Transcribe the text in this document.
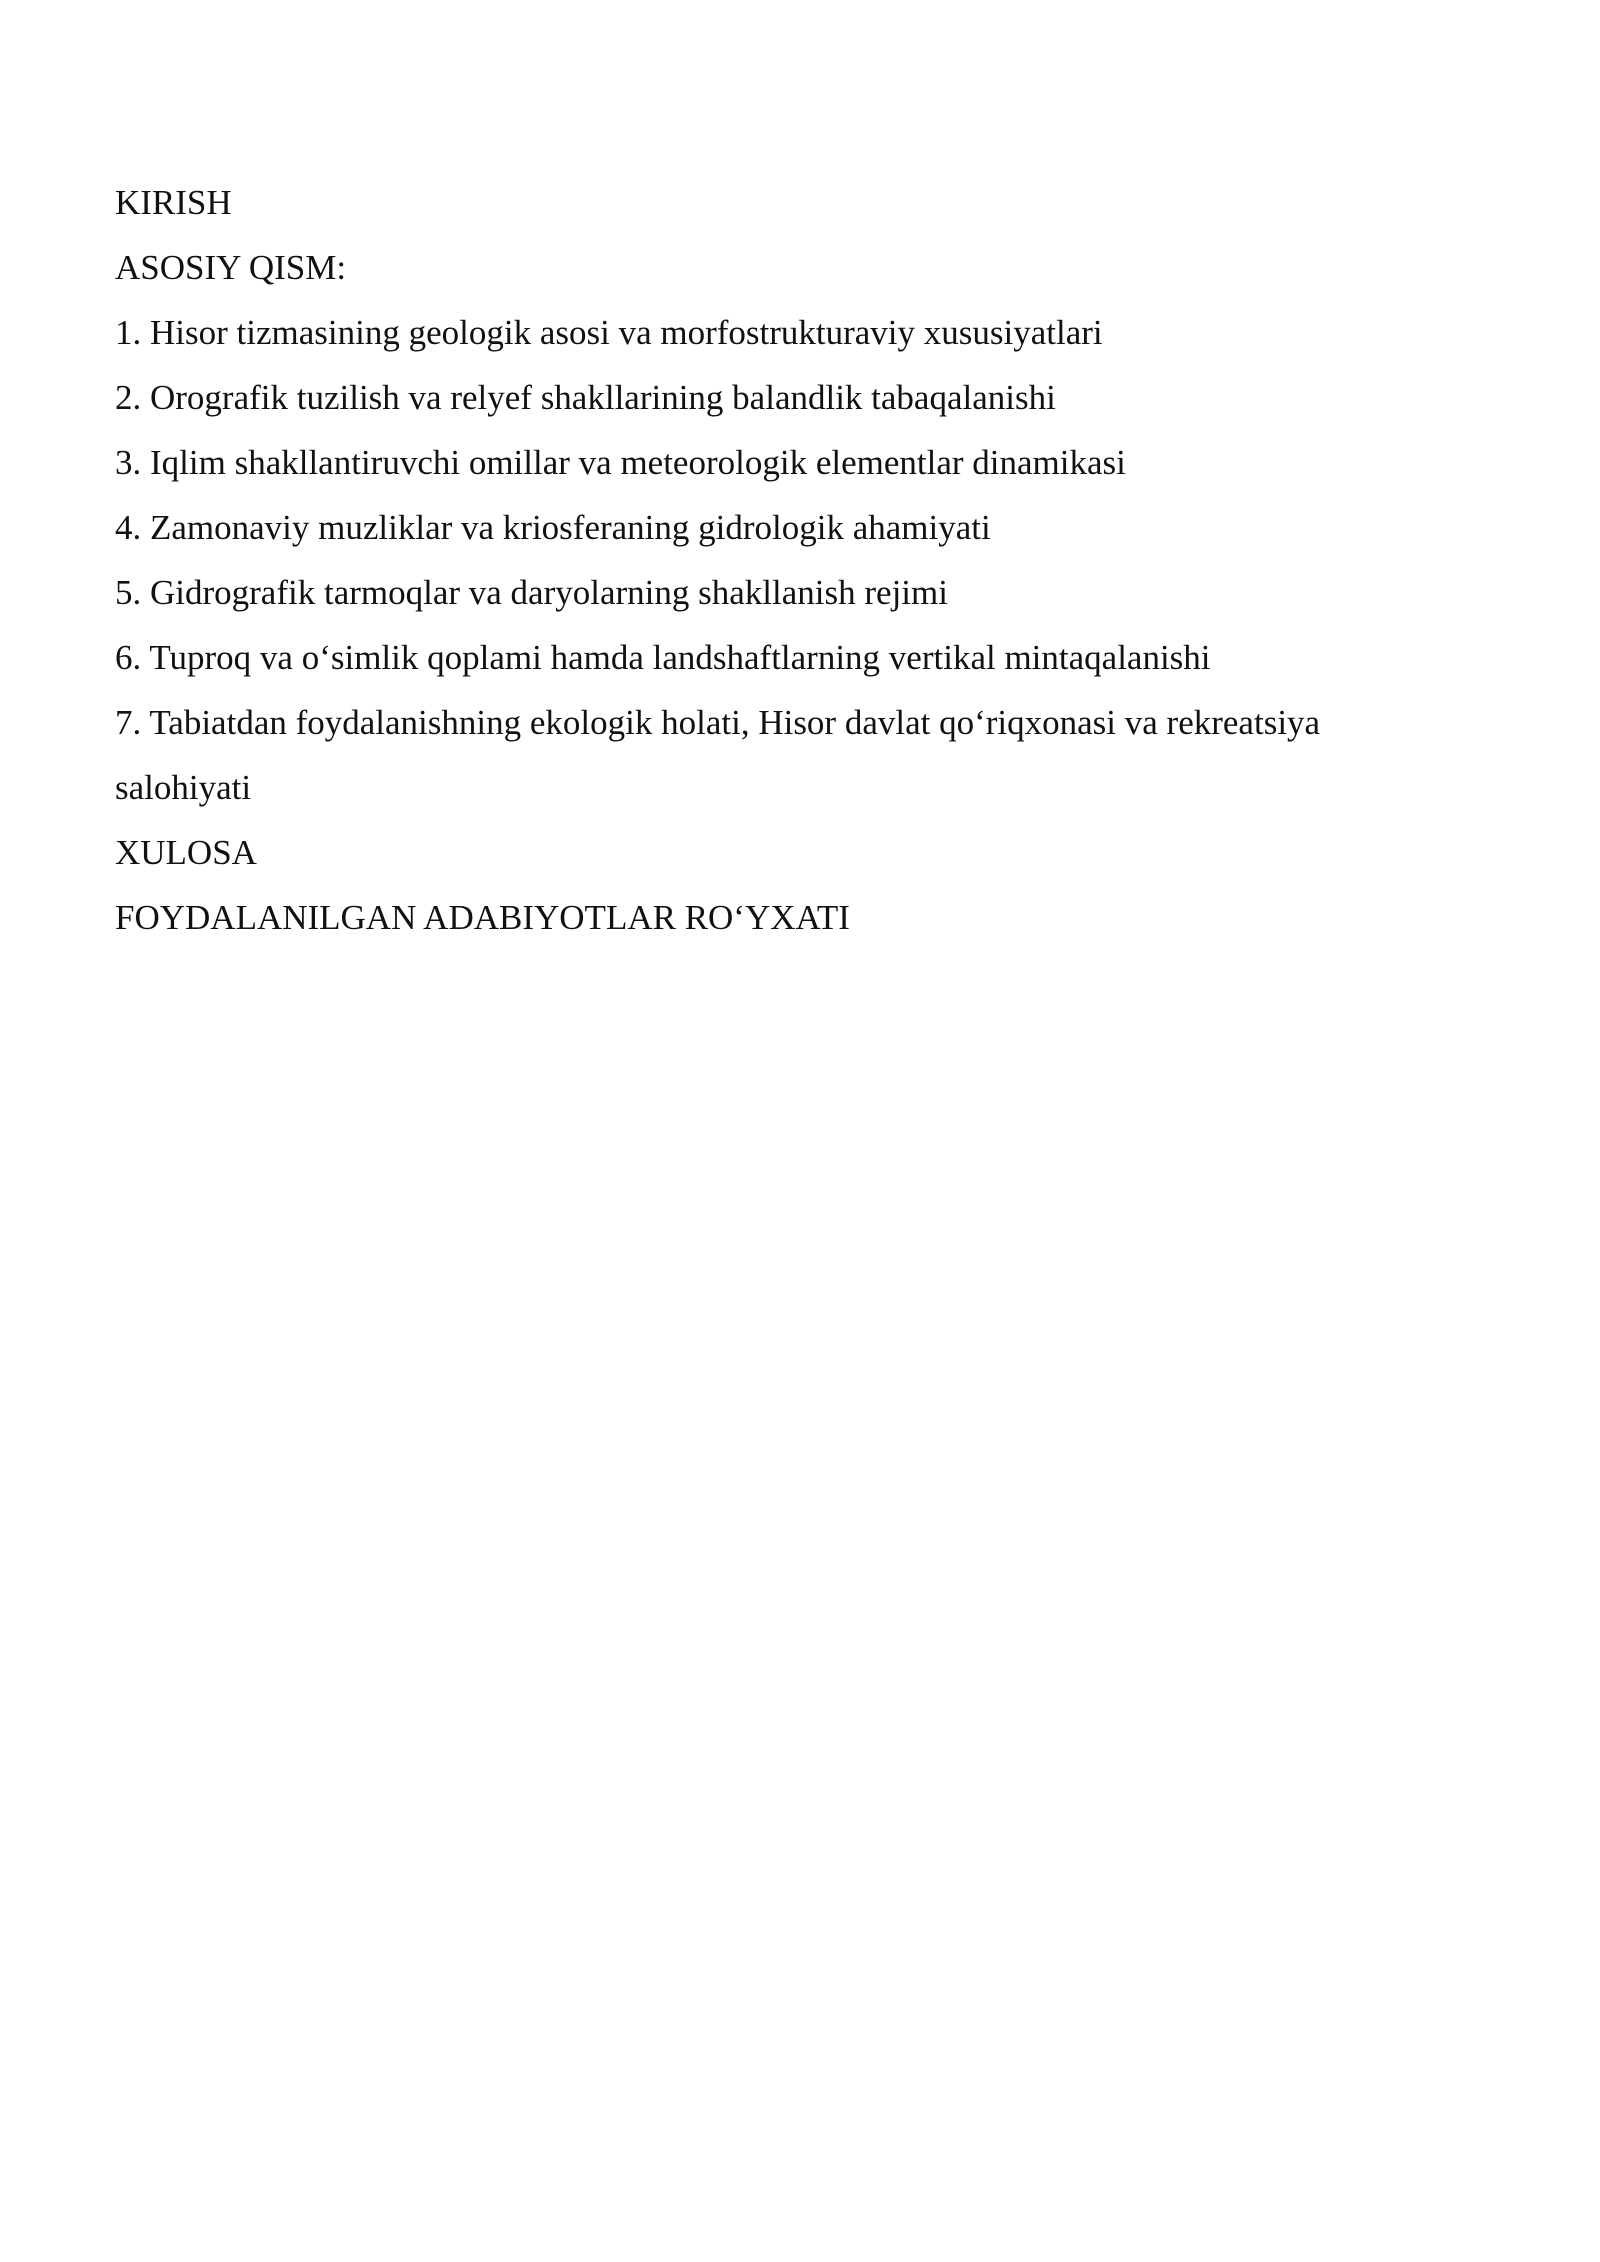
KIRISH

ASOSIY QISM:

1. Hisor tizmasining geologik asosi va morfostrukturaviy xususiyatlari

2. Orografik tuzilish va relyef shakllarining balandlik tabaqalanishi

3. Iqlim shakllantiruvchi omillar va meteorologik elementlar dinamikasi

4. Zamonaviy muzliklar va kriosferaning gidrologik ahamiyati

5. Gidrografik tarmoqlar va daryolarning shakllanish rejimi

6. Tuproq va o‘simlik qoplami hamda landshaftlarning vertikal mintaqalanishi

7. Tabiatdan foydalanishning ekologik holati, Hisor davlat qo‘riqxonasi va rekreatsiya salohiyati

XULOSA

FOYDALANILGAN ADABIYOTLAR RO‘YXATI
